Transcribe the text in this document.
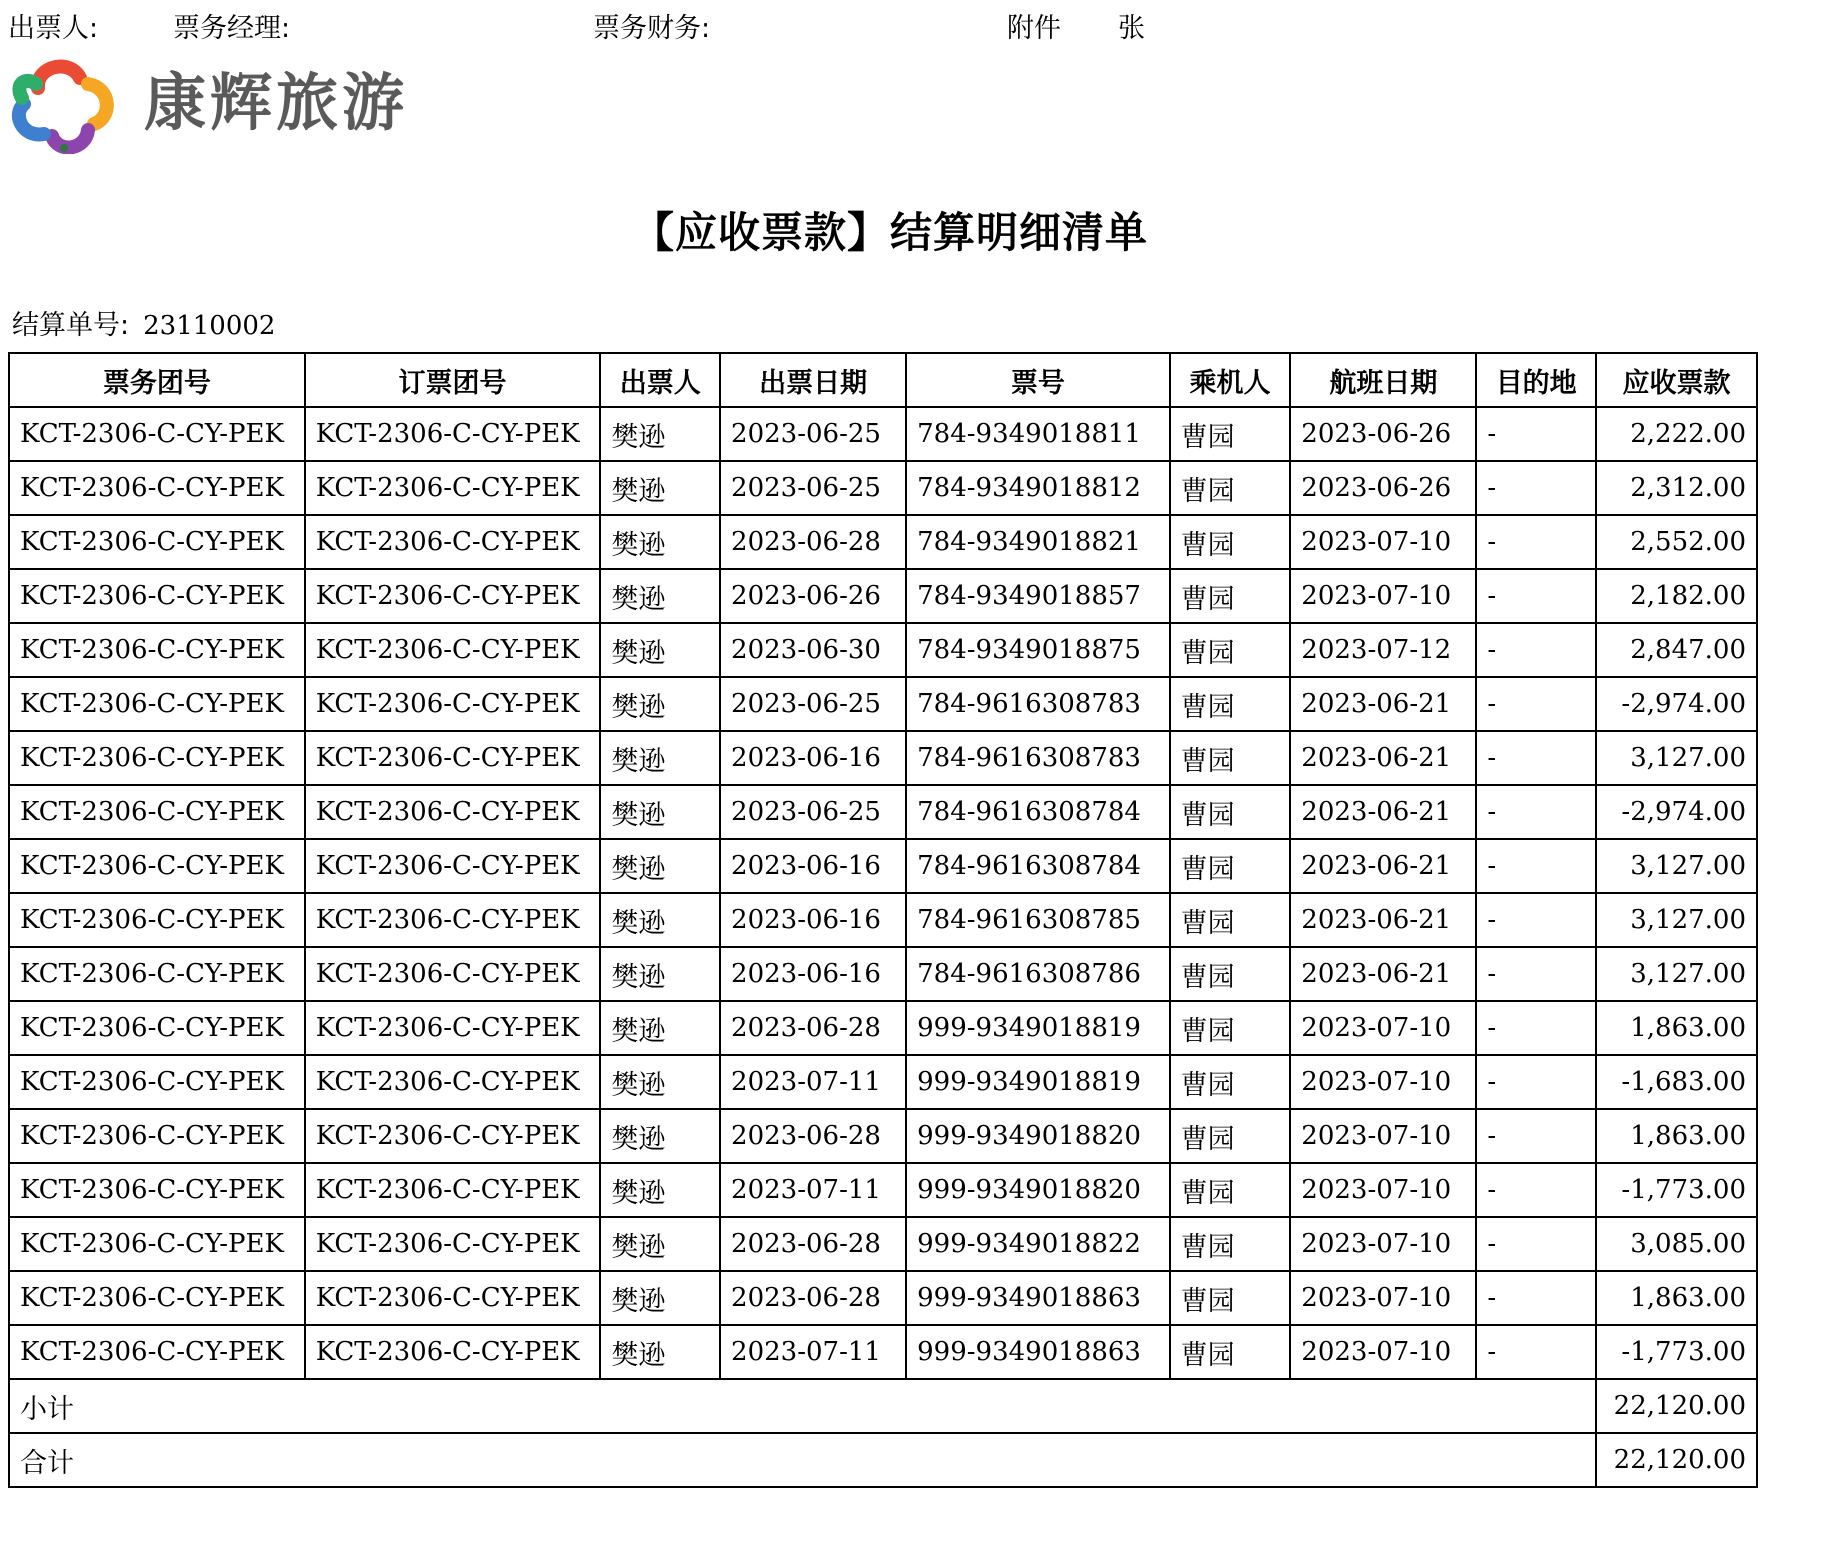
出票人:	票务经理:	票务财务:	附件 张
康辉旅游
【应收票款】结算明细清单
结算单号: 23110002
票务团号	订票团号	出票人	出票日期	票号	乘机人	航班日期	目的地	应收票款
KCT-2306-C-CY-PEK	KCT-2306-C-CY-PEK	樊逊	2023-06-25	784-9349018811	曹园	2023-06-26	-	2,222.00
KCT-2306-C-CY-PEK	KCT-2306-C-CY-PEK	樊逊	2023-06-25	784-9349018812	曹园	2023-06-26	-	2,312.00
KCT-2306-C-CY-PEK	KCT-2306-C-CY-PEK	樊逊	2023-06-28	784-9349018821	曹园	2023-07-10	-	2,552.00
KCT-2306-C-CY-PEK	KCT-2306-C-CY-PEK	樊逊	2023-06-26	784-9349018857	曹园	2023-07-10	-	2,182.00
KCT-2306-C-CY-PEK	KCT-2306-C-CY-PEK	樊逊	2023-06-30	784-9349018875	曹园	2023-07-12	-	2,847.00
KCT-2306-C-CY-PEK	KCT-2306-C-CY-PEK	樊逊	2023-06-25	784-9616308783	曹园	2023-06-21	-	-2,974.00
KCT-2306-C-CY-PEK	KCT-2306-C-CY-PEK	樊逊	2023-06-16	784-9616308783	曹园	2023-06-21	-	3,127.00
KCT-2306-C-CY-PEK	KCT-2306-C-CY-PEK	樊逊	2023-06-25	784-9616308784	曹园	2023-06-21	-	-2,974.00
KCT-2306-C-CY-PEK	KCT-2306-C-CY-PEK	樊逊	2023-06-16	784-9616308784	曹园	2023-06-21	-	3,127.00
KCT-2306-C-CY-PEK	KCT-2306-C-CY-PEK	樊逊	2023-06-16	784-9616308785	曹园	2023-06-21	-	3,127.00
KCT-2306-C-CY-PEK	KCT-2306-C-CY-PEK	樊逊	2023-06-16	784-9616308786	曹园	2023-06-21	-	3,127.00
KCT-2306-C-CY-PEK	KCT-2306-C-CY-PEK	樊逊	2023-06-28	999-9349018819	曹园	2023-07-10	-	1,863.00
KCT-2306-C-CY-PEK	KCT-2306-C-CY-PEK	樊逊	2023-07-11	999-9349018819	曹园	2023-07-10	-	-1,683.00
KCT-2306-C-CY-PEK	KCT-2306-C-CY-PEK	樊逊	2023-06-28	999-9349018820	曹园	2023-07-10	-	1,863.00
KCT-2306-C-CY-PEK	KCT-2306-C-CY-PEK	樊逊	2023-07-11	999-9349018820	曹园	2023-07-10	-	-1,773.00
KCT-2306-C-CY-PEK	KCT-2306-C-CY-PEK	樊逊	2023-06-28	999-9349018822	曹园	2023-07-10	-	3,085.00
KCT-2306-C-CY-PEK	KCT-2306-C-CY-PEK	樊逊	2023-06-28	999-9349018863	曹园	2023-07-10	-	1,863.00
KCT-2306-C-CY-PEK	KCT-2306-C-CY-PEK	樊逊	2023-07-11	999-9349018863	曹园	2023-07-10	-	-1,773.00
小计								22,120.00
合计								22,120.00
